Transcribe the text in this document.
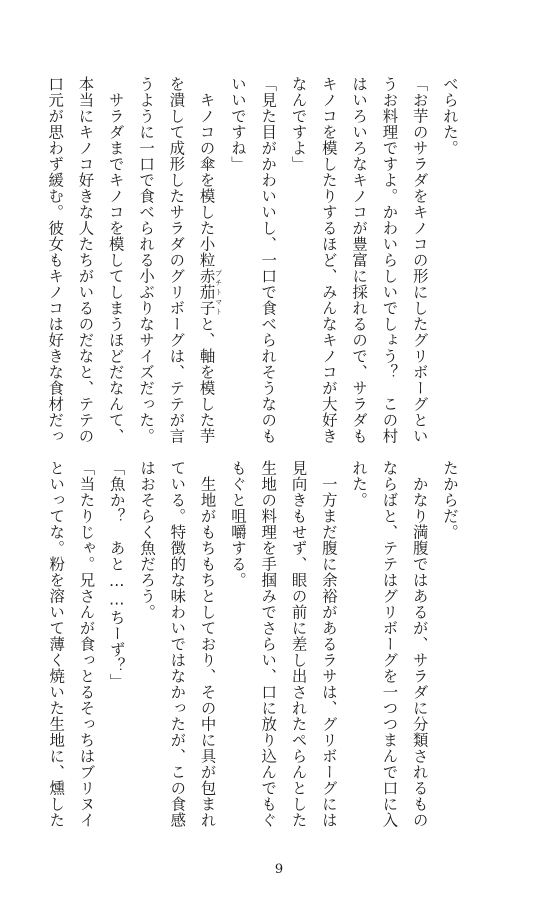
べられた。
「お芋のサラダをキノコの形にしたグリボーグとい
うお料理ですよ。かわいらしいでしょう？　この村
はいろいろなキノコが豊富に採れるので、サラダも
キノコを模したりするほど、みんなキノコが大好き
なんですよ」
「見た目がかわいいし、一口で食べられそうなのも
いいですね」
　キノコの傘を模した小粒赤茄子 プチトマトと、軸を模した芋
を潰して成形したサラダのグリボーグは、テテが言
うように一口で食べられる小ぶりなサイズだった。
　サラダまでキノコを模してしまうほどだなんて、
本当にキノコ好きな人たちがいるのだなと、テテの
口元が思わず緩む。彼女もキノコは好きな食材だっ
たからだ。
　かなり満腹ではあるが、サラダに分類されるもの
ならばと、テテはグリボーグを一つつまんで口に入
れた。
　一方まだ腹に余裕があるラサは、グリボーグには
見向きもせず、眼の前に差し出されたぺらんとした
生地の料理を手掴みでさらい、口に放り込んでもぐ
もぐと咀嚼する。
　生地がもちもちとしており、その中に具が包まれ
ている。特徴的な味わいではなかったが、この食感
はおそらく魚だろう。
「魚か？　あと……ちーず？」
「当たりじゃ。兄さんが食っとるそっちはブリヌイ
といってな。粉を溶いて薄く焼いた生地に、燻した
9
